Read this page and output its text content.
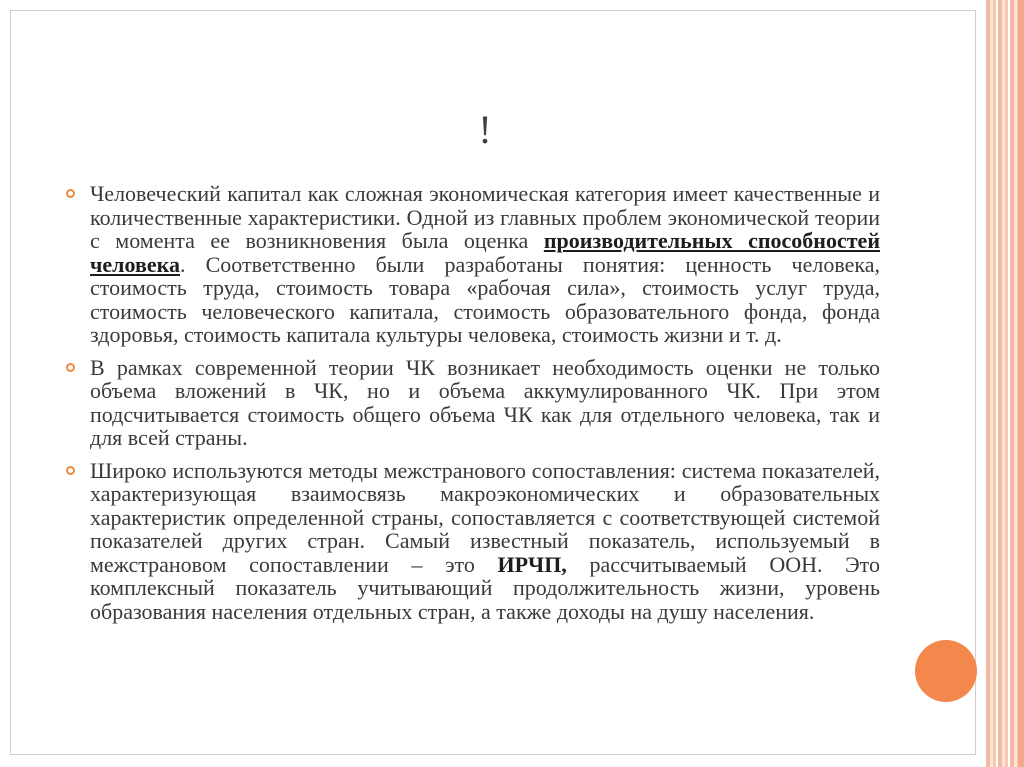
!

Человеческий капитал как сложная экономическая категория имеет качественные и количественные характеристики. Одной из главных проблем экономической теории с момента ее возникновения была оценка производительных способностей человека. Соответственно были разработаны понятия: ценность человека, стоимость труда, стоимость товара «рабочая сила», стоимость услуг труда, стоимость человеческого капитала, стоимость образовательного фонда, фонда здоровья, стоимость капитала культуры человека, стоимость жизни и т. д.

В рамках современной теории ЧК возникает необходимость оценки не только объема вложений в ЧК, но и объема аккумулированного ЧК. При этом подсчитывается стоимость общего объема ЧК как для отдельного человека, так и для всей страны.

Широко используются методы межстранового сопоставления: система показателей, характеризующая взаимосвязь макроэкономических и образовательных характеристик определенной страны, сопоставляется с соответствующей системой показателей других стран. Самый известный показатель, используемый в межстрановом сопоставлении – это ИРЧП, рассчитываемый ООН. Это комплексный показатель учитывающий продолжительность жизни, уровень образования населения отдельных стран, а также доходы на душу населения.
